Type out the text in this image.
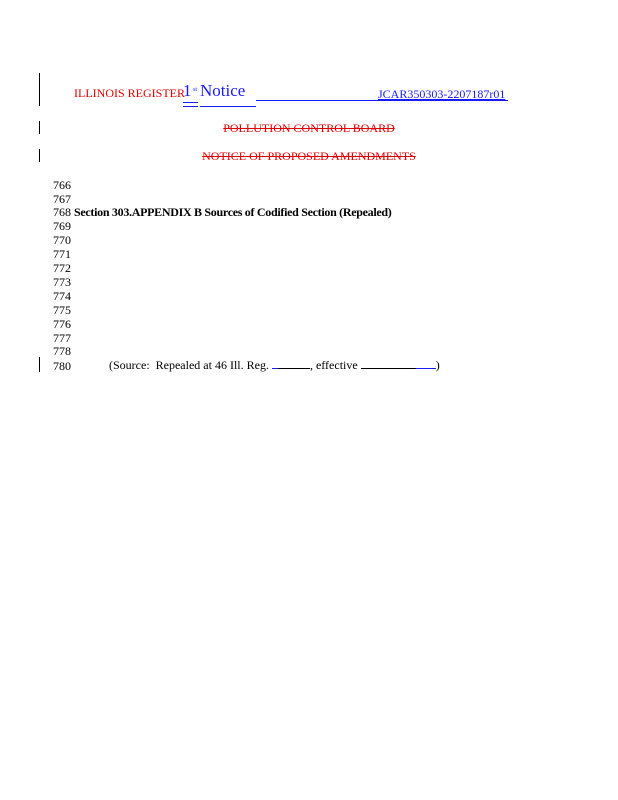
ILLINOIS REGISTER
1 st Notice	JCAR350303-2207187r01
POLLUTION CONTROL BOARD
NOTICE OF PROPOSED AMENDMENTS
766
767
768
769
770
771
772
773
774
775
776
777
778
780
Section 303.APPENDIX B Sources of Codified Section (Repealed)
(Source:  Repealed at 46 Ill. Reg.	, effective	)
